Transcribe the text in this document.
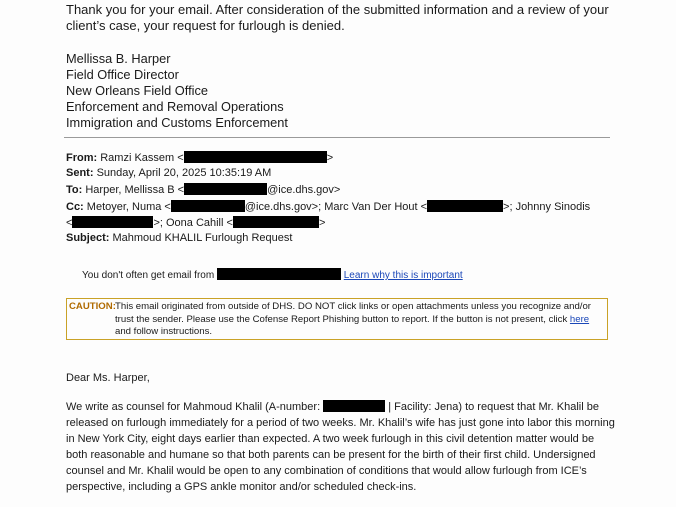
Thank you for your email. After consideration of the submitted information and a review of your
client’s case, your request for furlough is denied.
Mellissa B. Harper
Field Office Director
New Orleans Field Office
Enforcement and Removal Operations
Immigration and Customs Enforcement
From: Ramzi Kassem <	>
Sent: Sunday, April 20, 2025 10:35:19 AM
To: Harper, Mellissa B <	@ice.dhs.gov>
Cc: Metoyer, Numa <	@ice.dhs.gov>; Marc Van Der Hout <	>; Johnny Sinodis
<	>; Oona Cahill <	>
Subject: Mahmoud KHALIL Furlough Request
You don't often get email from	Learn why this is important
CAUTION: This email originated from outside of DHS. DO NOT click links or open attachments unless you recognize and/or trust the sender. Please use the Cofense Report Phishing button to report. If the button is not present, click here and follow instructions.
Dear Ms. Harper,
We write as counsel for Mahmoud Khalil (A-number:	| Facility: Jena) to request that Mr. Khalil be
released on furlough immediately for a period of two weeks. Mr. Khalil’s wife has just gone into labor this morning
in New York City, eight days earlier than expected. A two week furlough in this civil detention matter would be
both reasonable and humane so that both parents can be present for the birth of their first child. Undersigned
counsel and Mr. Khalil would be open to any combination of conditions that would allow furlough from ICE’s
perspective, including a GPS ankle monitor and/or scheduled check-ins.
